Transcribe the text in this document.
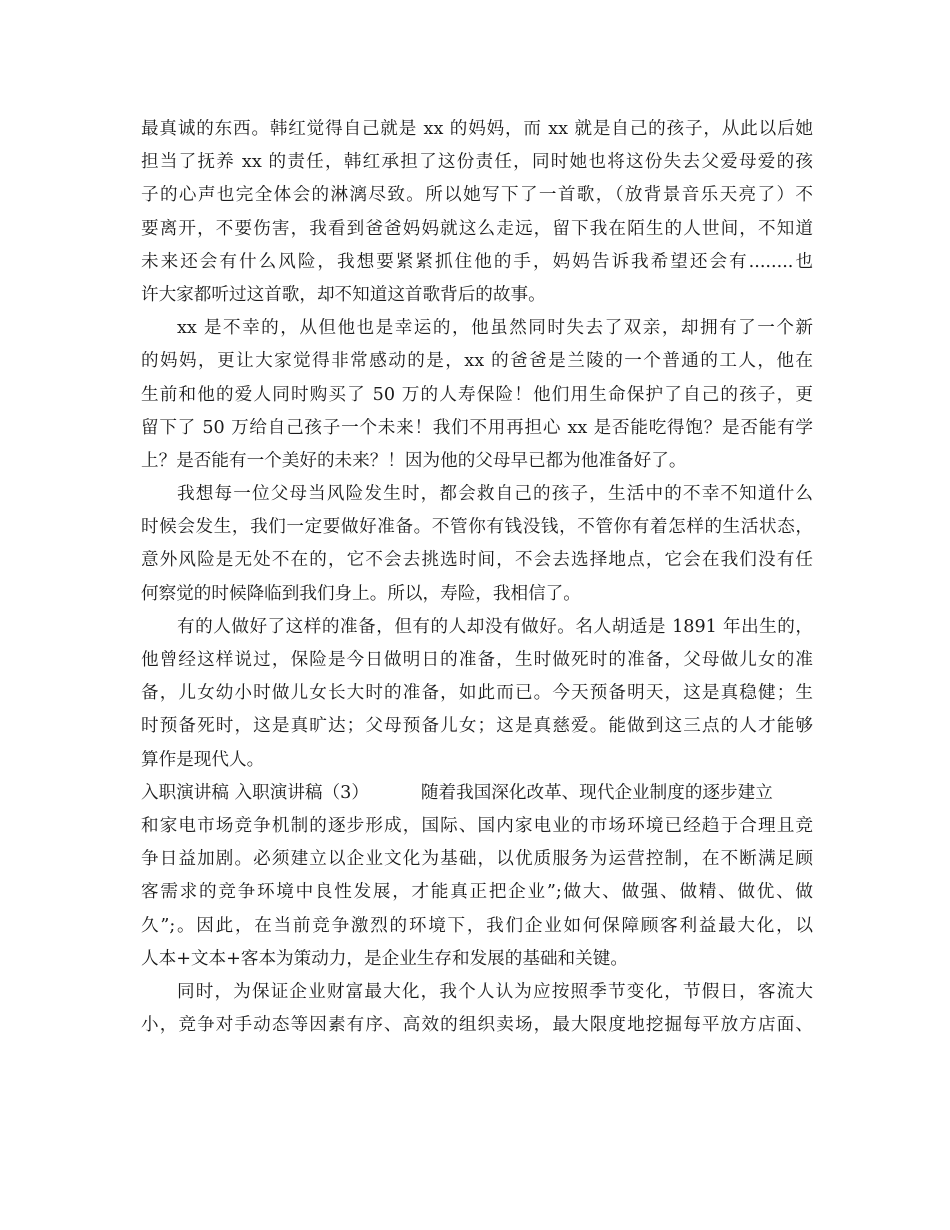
最真诚的东西。韩红觉得自己就是 xx 的妈妈，而 xx 就是自己的孩子，从此以后她
担当了抚养 xx 的责任，韩红承担了这份责任，同时她也将这份失去父爱母爱的孩
子的心声也完全体会的淋漓尽致。所以她写下了一首歌，（放背景音乐天亮了）不
要离开，不要伤害，我看到爸爸妈妈就这么走远，留下我在陌生的人世间，不知道
未来还会有什么风险，我想要紧紧抓住他的手，妈妈告诉我希望还会有........也
许大家都听过这首歌，却不知道这首歌背后的故事。
xx 是不幸的，从但他也是幸运的，他虽然同时失去了双亲，却拥有了一个新
的妈妈，更让大家觉得非常感动的是，xx 的爸爸是兰陵的一个普通的工人，他在
生前和他的爱人同时购买了 50 万的人寿保险！他们用生命保护了自己的孩子，更
留下了 50 万给自己孩子一个未来！我们不用再担心 xx 是否能吃得饱？是否能有学
上？是否能有一个美好的未来？！因为他的父母早已都为他准备好了。
我想每一位父母当风险发生时，都会救自己的孩子，生活中的不幸不知道什么
时候会发生，我们一定要做好准备。不管你有钱没钱，不管你有着怎样的生活状态，
意外风险是无处不在的，它不会去挑选时间，不会去选择地点，它会在我们没有任
何察觉的时候降临到我们身上。所以，寿险，我相信了。
有的人做好了这样的准备，但有的人却没有做好。名人胡适是 1891 年出生的，
他曾经这样说过，保险是今日做明日的准备，生时做死时的准备，父母做儿女的准
备，儿女幼小时做儿女长大时的准备，如此而已。今天预备明天，这是真稳健；生
时预备死时，这是真旷达；父母预备儿女；这是真慈爱。能做到这三点的人才能够
算作是现代人。
入职演讲稿 入职演讲稿（3）	随着我国深化改革、现代企业制度的逐步建立
和家电市场竞争机制的逐步形成，国际、国内家电业的市场环境已经趋于合理且竞
争日益加剧。必须建立以企业文化为基础，以优质服务为运营控制，在不断满足顾
客需求的竞争环境中良性发展，才能真正把企业”;做大、做强、做精、做优、做
久”;。因此，在当前竞争激烈的环境下，我们企业如何保障顾客利益最大化，以
人本+文本+客本为策动力，是企业生存和发展的基础和关键。
同时，为保证企业财富最大化，我个人认为应按照季节变化，节假日，客流大
小，竞争对手动态等因素有序、高效的组织卖场，最大限度地挖掘每平放方店面、
